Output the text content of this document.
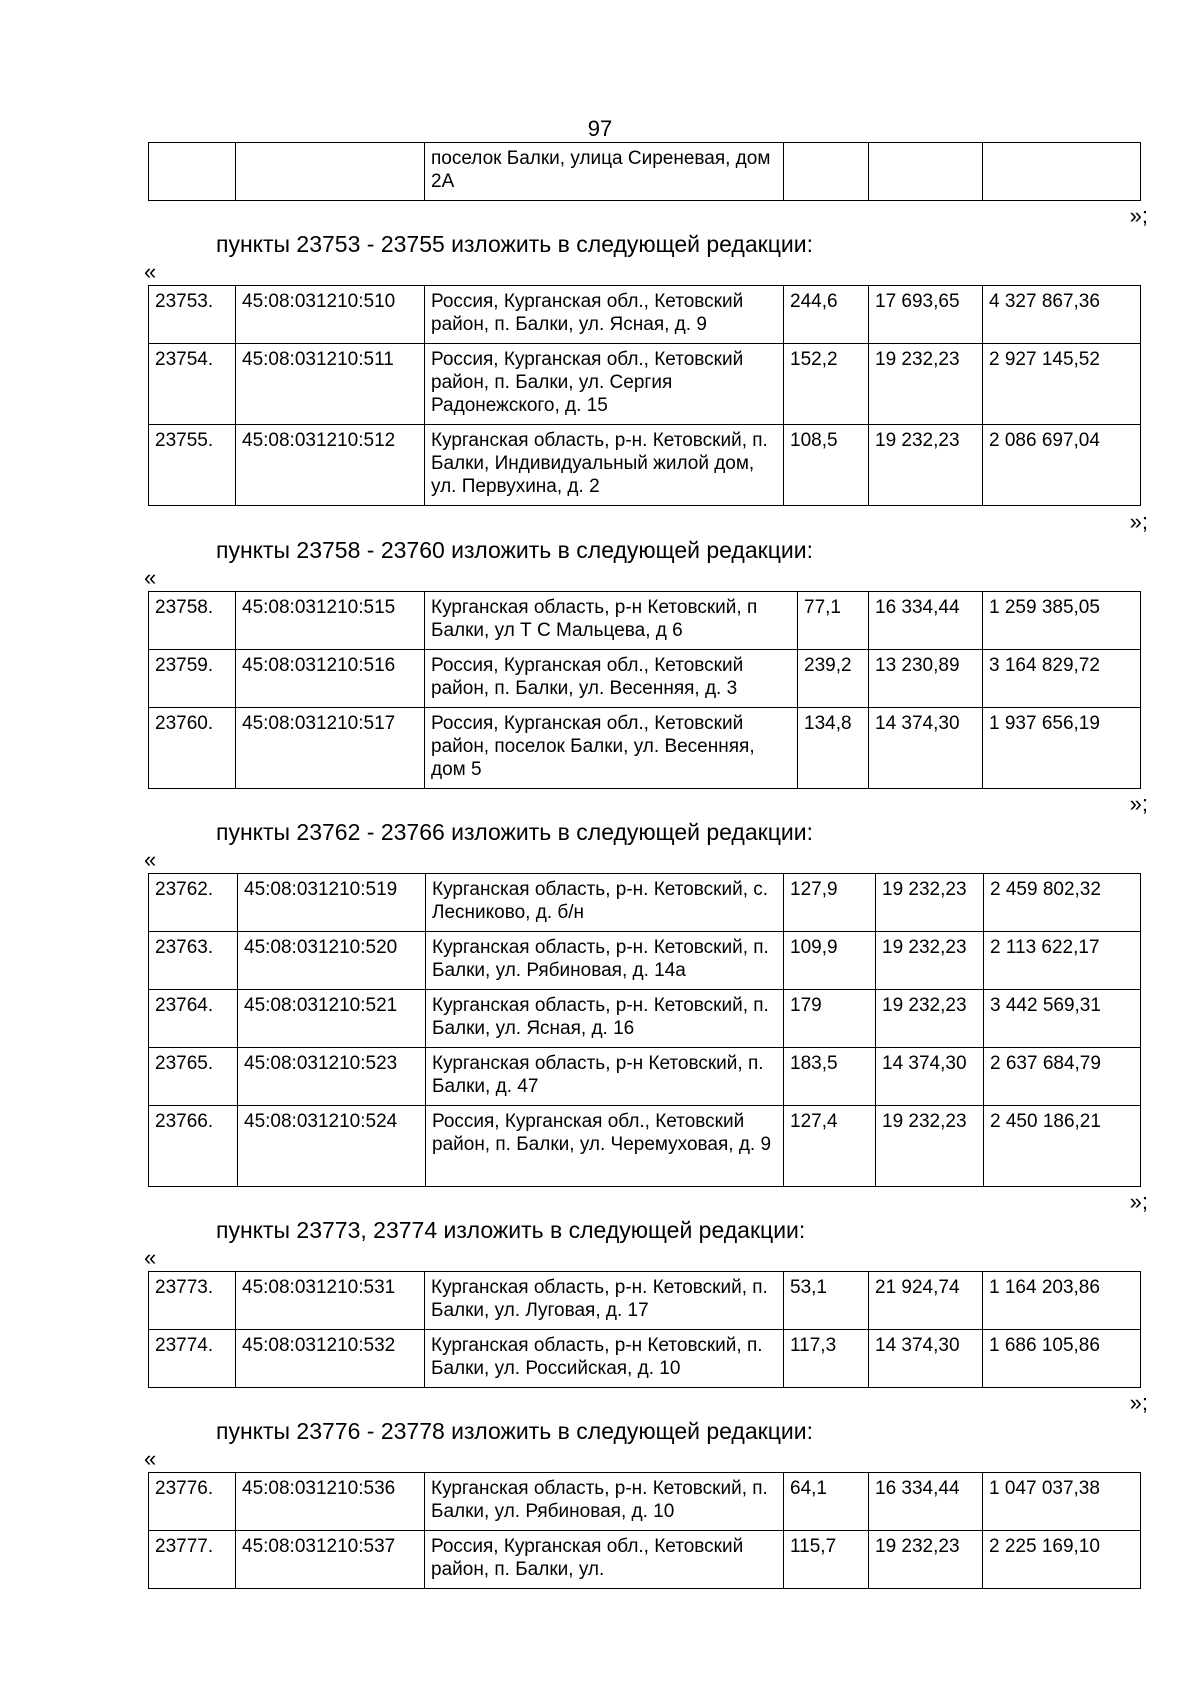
97
		поселок Балки, улица Сиреневая, дом 2А			
»;
пункты 23753 - 23755 изложить в следующей редакции:
«
23753.	45:08:031210:510	Россия, Курганская обл., Кетовский район, п. Балки, ул. Ясная, д. 9	244,6	17 693,65	4 327 867,36
23754.	45:08:031210:511	Россия, Курганская обл., Кетовский район, п. Балки, ул. Сергия Радонежского, д. 15	152,2	19 232,23	2 927 145,52
23755.	45:08:031210:512	Курганская область, р-н. Кетовский, п. Балки, Индивидуальный жилой дом, ул. Первухина, д. 2	108,5	19 232,23	2 086 697,04
»;
пункты 23758 - 23760 изложить в следующей редакции:
«
23758.	45:08:031210:515	Курганская область, р-н Кетовский, п Балки, ул Т С Мальцева, д 6	77,1	16 334,44	1 259 385,05
23759.	45:08:031210:516	Россия, Курганская обл., Кетовский район, п. Балки, ул. Весенняя, д. 3	239,2	13 230,89	3 164 829,72
23760.	45:08:031210:517	Россия, Курганская обл., Кетовский район, поселок Балки, ул. Весенняя, дом 5	134,8	14 374,30	1 937 656,19
»;
пункты 23762 - 23766 изложить в следующей редакции:
«
23762.	45:08:031210:519	Курганская область, р-н. Кетовский, с. Лесниково, д. б/н	127,9	19 232,23	2 459 802,32
23763.	45:08:031210:520	Курганская область, р-н. Кетовский, п. Балки, ул. Рябиновая, д. 14а	109,9	19 232,23	2 113 622,17
23764.	45:08:031210:521	Курганская область, р-н. Кетовский, п. Балки, ул. Ясная, д. 16	179	19 232,23	3 442 569,31
23765.	45:08:031210:523	Курганская область, р-н Кетовский, п. Балки, д. 47	183,5	14 374,30	2 637 684,79
23766.	45:08:031210:524	Россия, Курганская обл., Кетовский район, п. Балки, ул. Черемуховая, д. 9	127,4	19 232,23	2 450 186,21
»;
пункты 23773, 23774 изложить в следующей редакции:
«
23773.	45:08:031210:531	Курганская область, р-н. Кетовский, п. Балки, ул. Луговая, д. 17	53,1	21 924,74	1 164 203,86
23774.	45:08:031210:532	Курганская область, р-н Кетовский, п. Балки, ул. Российская, д. 10	117,3	14 374,30	1 686 105,86
»;
пункты 23776 - 23778 изложить в следующей редакции:
«
23776.	45:08:031210:536	Курганская область, р-н. Кетовский, п. Балки, ул. Рябиновая, д. 10	64,1	16 334,44	1 047 037,38
23777.	45:08:031210:537	Россия, Курганская обл., Кетовский район, п. Балки, ул.	115,7	19 232,23	2 225 169,10
